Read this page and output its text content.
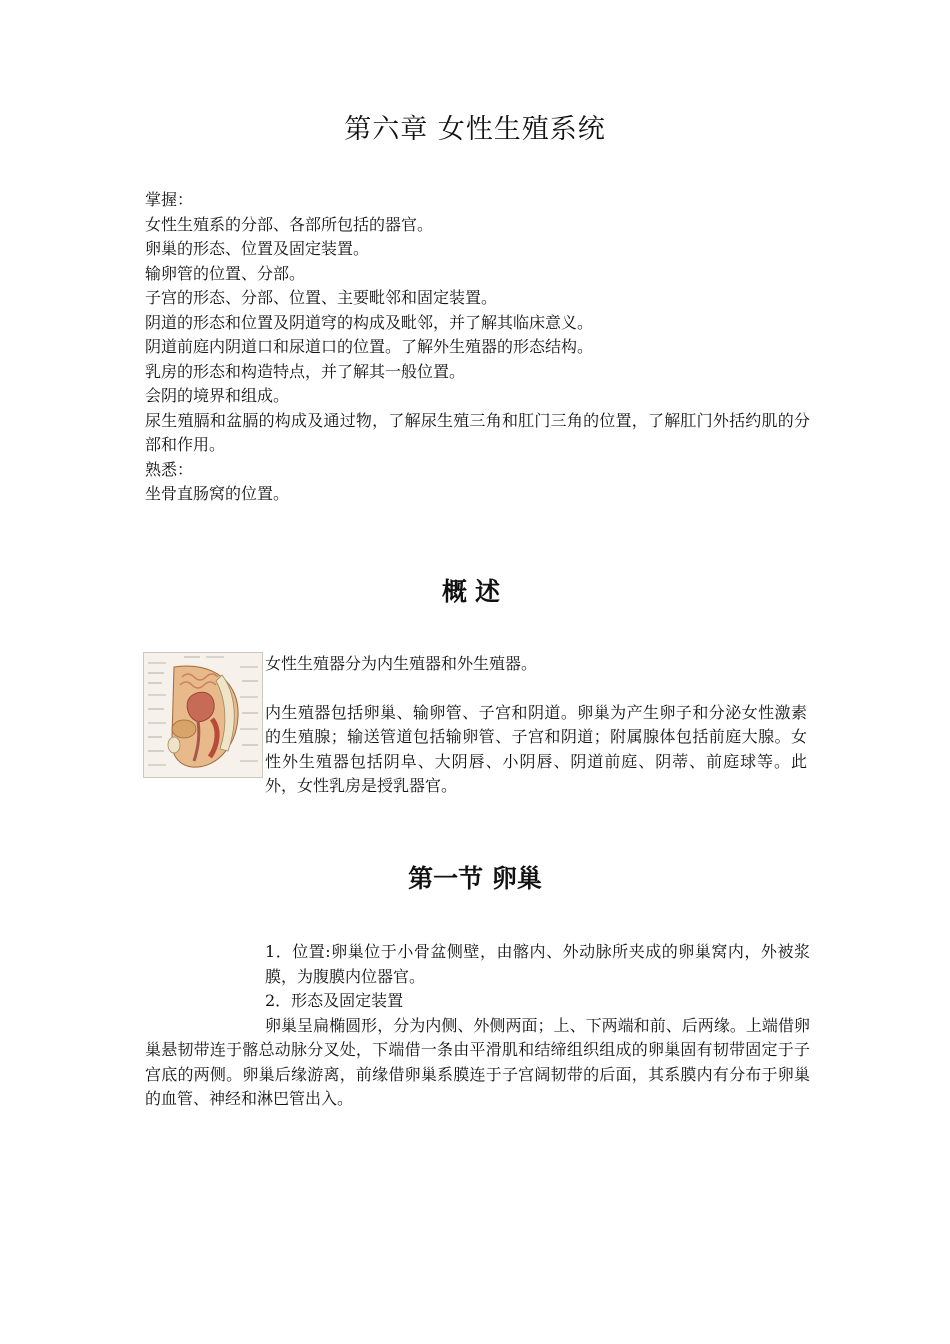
第六章 女性生殖系统
掌握：
女性生殖系的分部、各部所包括的器官。
卵巢的形态、位置及固定装置。
输卵管的位置、分部。
子宫的形态、分部、位置、主要毗邻和固定装置。
阴道的形态和位置及阴道穹的构成及毗邻，并了解其临床意义。
阴道前庭内阴道口和尿道口的位置。了解外生殖器的形态结构。
乳房的形态和构造特点，并了解其一般位置。
会阴的境界和组成。
尿生殖膈和盆膈的构成及通过物，了解尿生殖三角和肛门三角的位置，了解肛门外括约肌的分部和作用。
熟悉：
坐骨直肠窝的位置。
概述

女性生殖器分为内生殖器和外生殖器。

内生殖器包括卵巢、输卵管、子宫和阴道。卵巢为产生卵子和分泌女性激素的生殖腺；输送管道包括输卵管、子宫和阴道；附属腺体包括前庭大腺。女性外生殖器包括阴阜、大阴唇、小阴唇、阴道前庭、阴蒂、前庭球等。此外，女性乳房是授乳器官。

第一节 卵巢
1．位置:卵巢位于小骨盆侧壁，由髂内、外动脉所夹成的卵巢窝内，外被浆膜，为腹膜内位器官。
2．形态及固定装置
卵巢呈扁椭圆形，分为内侧、外侧两面；上、下两端和前、后两缘。上端借卵巢悬韧带连于髂总动脉分叉处，下端借一条由平滑肌和结缔组织组成的卵巢固有韧带固定于子宫底的两侧。卵巢后缘游离，前缘借卵巢系膜连于子宫阔韧带的后面，其系膜内有分布于卵巢的血管、神经和淋巴管出入。
